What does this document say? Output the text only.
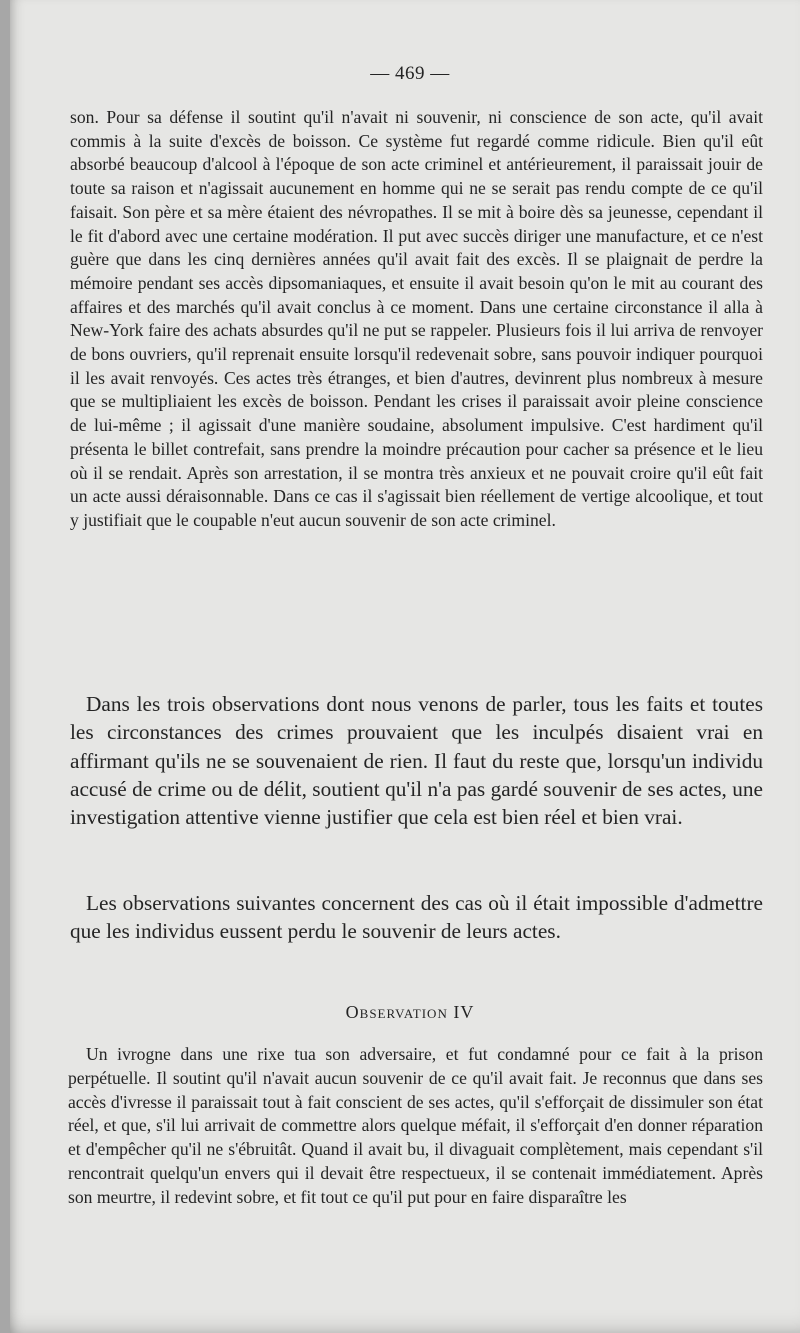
— 469 —

son. Pour sa défense il soutint qu'il n'avait ni souvenir, ni conscience de son acte, qu'il avait commis à la suite d'excès de boisson. Ce système fut regardé comme ridicule. Bien qu'il eût absorbé beaucoup d'alcool à l'époque de son acte criminel et antérieurement, il paraissait jouir de toute sa raison et n'agissait aucunement en homme qui ne se serait pas rendu compte de ce qu'il faisait. Son père et sa mère étaient des névropathes. Il se mit à boire dès sa jeunesse, cependant il le fit d'abord avec une certaine modération. Il put avec succès diriger une manufacture, et ce n'est guère que dans les cinq dernières années qu'il avait fait des excès. Il se plaignait de perdre la mémoire pendant ses accès dipsomaniaques, et ensuite il avait besoin qu'on le mit au courant des affaires et des marchés qu'il avait conclus à ce moment. Dans une certaine circonstance il alla à New-York faire des achats absurdes qu'il ne put se rappeler. Plusieurs fois il lui arriva de renvoyer de bons ouvriers, qu'il reprenait ensuite lorsqu'il redevenait sobre, sans pouvoir indiquer pourquoi il les avait renvoyés. Ces actes très étranges, et bien d'autres, devinrent plus nombreux à mesure que se multipliaient les excès de boisson. Pendant les crises il paraissait avoir pleine conscience de lui-même ; il agissait d'une manière soudaine, absolument impulsive. C'est hardiment qu'il présenta le billet contrefait, sans prendre la moindre précaution pour cacher sa présence et le lieu où il se rendait. Après son arrestation, il se montra très anxieux et ne pouvait croire qu'il eût fait un acte aussi déraisonnable. Dans ce cas il s'agissait bien réellement de vertige alcoolique, et tout y justifiait que le coupable n'eut aucun souvenir de son acte criminel.

Dans les trois observations dont nous venons de parler, tous les faits et toutes les circonstances des crimes prouvaient que les inculpés disaient vrai en affirmant qu'ils ne se souvenaient de rien. Il faut du reste que, lorsqu'un individu accusé de crime ou de délit, soutient qu'il n'a pas gardé souvenir de ses actes, une investigation attentive vienne justifier que cela est bien réel et bien vrai.

Les observations suivantes concernent des cas où il était impossible d'admettre que les individus eussent perdu le souvenir de leurs actes.

Observation IV

Un ivrogne dans une rixe tua son adversaire, et fut condamné pour ce fait à la prison perpétuelle. Il soutint qu'il n'avait aucun souvenir de ce qu'il avait fait. Je reconnus que dans ses accès d'ivresse il paraissait tout à fait conscient de ses actes, qu'il s'efforçait de dissimuler son état réel, et que, s'il lui arrivait de commettre alors quelque méfait, il s'efforçait d'en donner réparation et d'empêcher qu'il ne s'ébruitât. Quand il avait bu, il divaguait complètement, mais cependant s'il rencontrait quelqu'un envers qui il devait être respectueux, il se contenait immédiatement. Après son meurtre, il redevint sobre, et fit tout ce qu'il put pour en faire disparaître les
